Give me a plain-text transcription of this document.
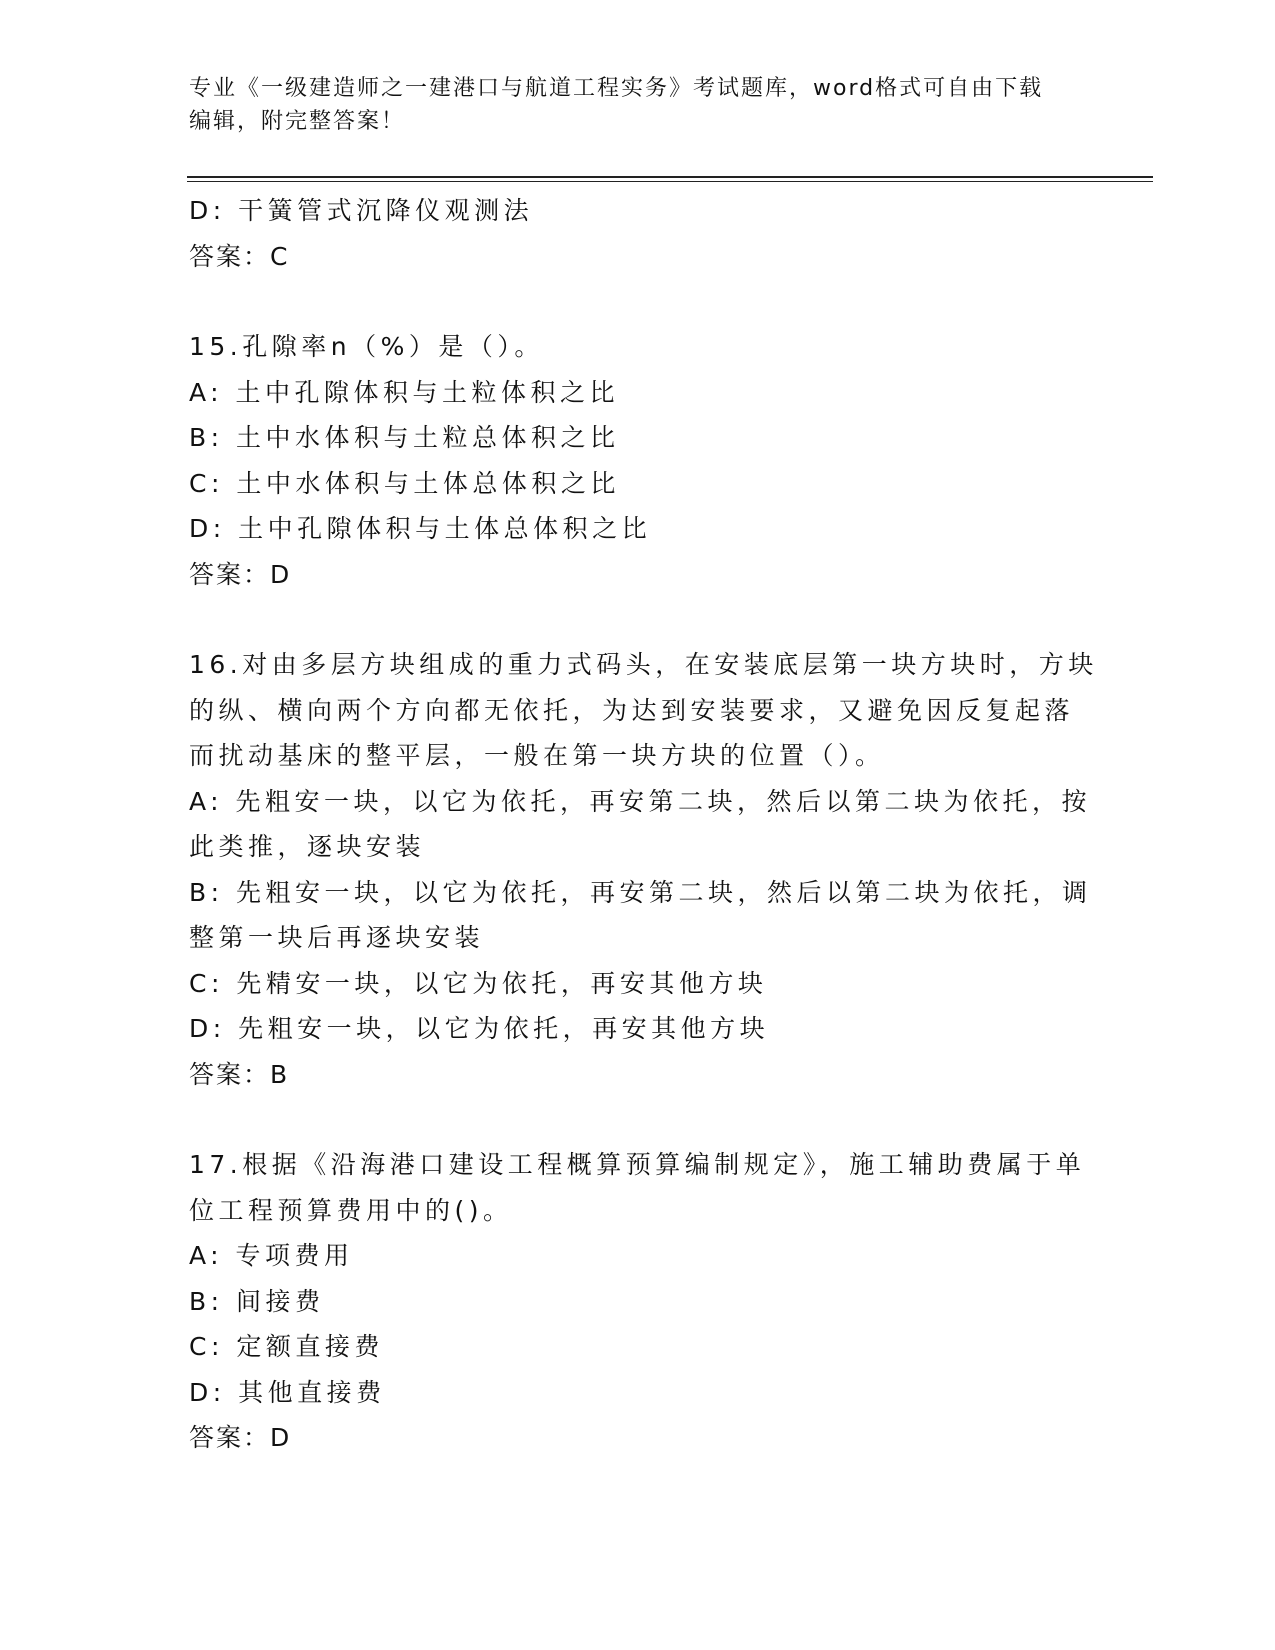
专业《一级建造师之一建港口与航道工程实务》考试题库，word格式可自由下载
编辑，附完整答案！
D: 干簧管式沉降仪观测法
答案：C
15.孔隙率n（%）是（）。
A: 土中孔隙体积与土粒体积之比
B: 土中水体积与土粒总体积之比
C: 土中水体积与土体总体积之比
D: 土中孔隙体积与土体总体积之比
答案：D
16.对由多层方块组成的重力式码头，在安装底层第一块方块时，方块
的纵、横向两个方向都无依托，为达到安装要求，又避免因反复起落
而扰动基床的整平层，一般在第一块方块的位置（）。
A: 先粗安一块，以它为依托，再安第二块，然后以第二块为依托，按
此类推，逐块安装
B: 先粗安一块，以它为依托，再安第二块，然后以第二块为依托，调
整第一块后再逐块安装
C: 先精安一块，以它为依托，再安其他方块
D: 先粗安一块，以它为依托，再安其他方块
答案：B
17.根据《沿海港口建设工程概算预算编制规定》，施工辅助费属于单
位工程预算费用中的()。
A: 专项费用
B: 间接费
C: 定额直接费
D: 其他直接费
答案：D
